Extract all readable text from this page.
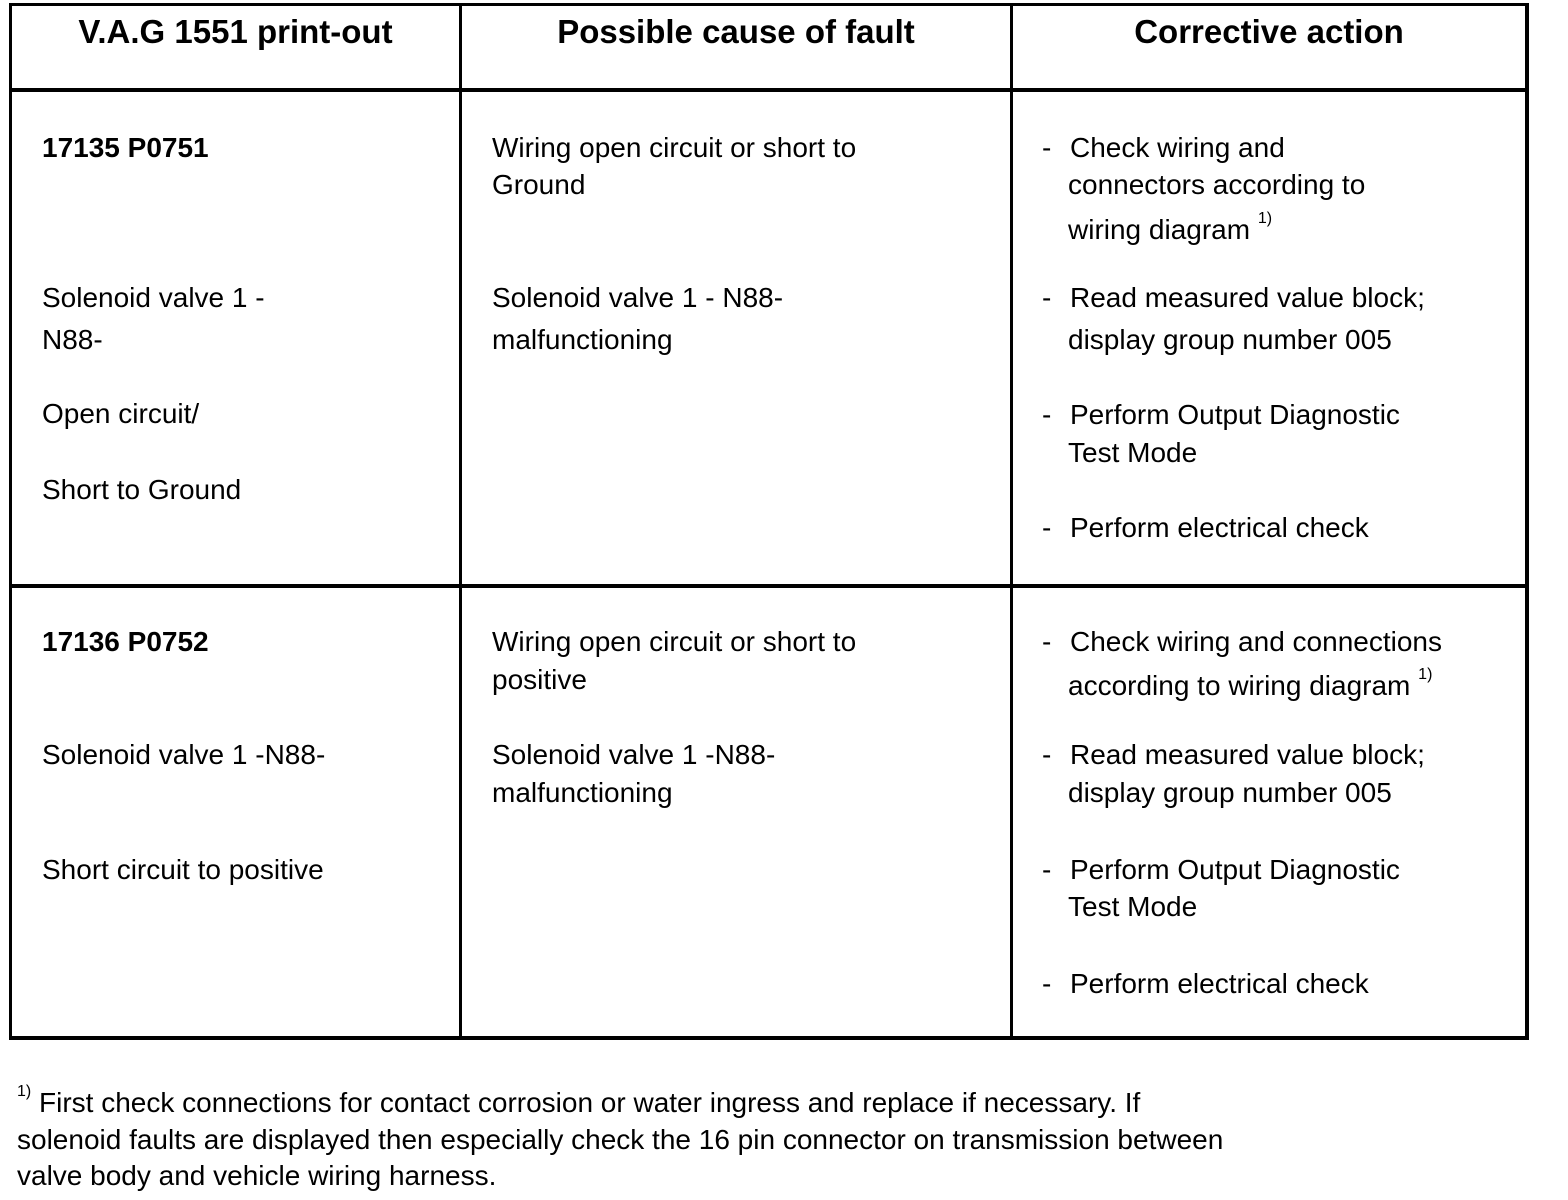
V.A.G 1551 print-out	Possible cause of fault	Corrective action
17135 P0751
Solenoid valve 1 -
N88-
Open circuit/
Short to Ground
Wiring open circuit or short to
Ground
Solenoid valve 1 - N88-
malfunctioning
- Check wiring and
connectors according to
wiring diagram $^{1)}$
- Read measured value block;
display group number 005
- Perform Output Diagnostic
Test Mode
- Perform electrical check
17136 P0752
Solenoid valve 1 -N88-
Short circuit to positive
Wiring open circuit or short to
positive
Solenoid valve 1 -N88-
malfunctioning
- Check wiring and connections
according to wiring diagram $^{1)}$
- Read measured value block;
display group number 005
- Perform Output Diagnostic
Test Mode
- Perform electrical check
$^{1)}$ First check connections for contact corrosion or water ingress and replace if necessary. If
solenoid faults are displayed then especially check the 16 pin connector on transmission between
valve body and vehicle wiring harness.
